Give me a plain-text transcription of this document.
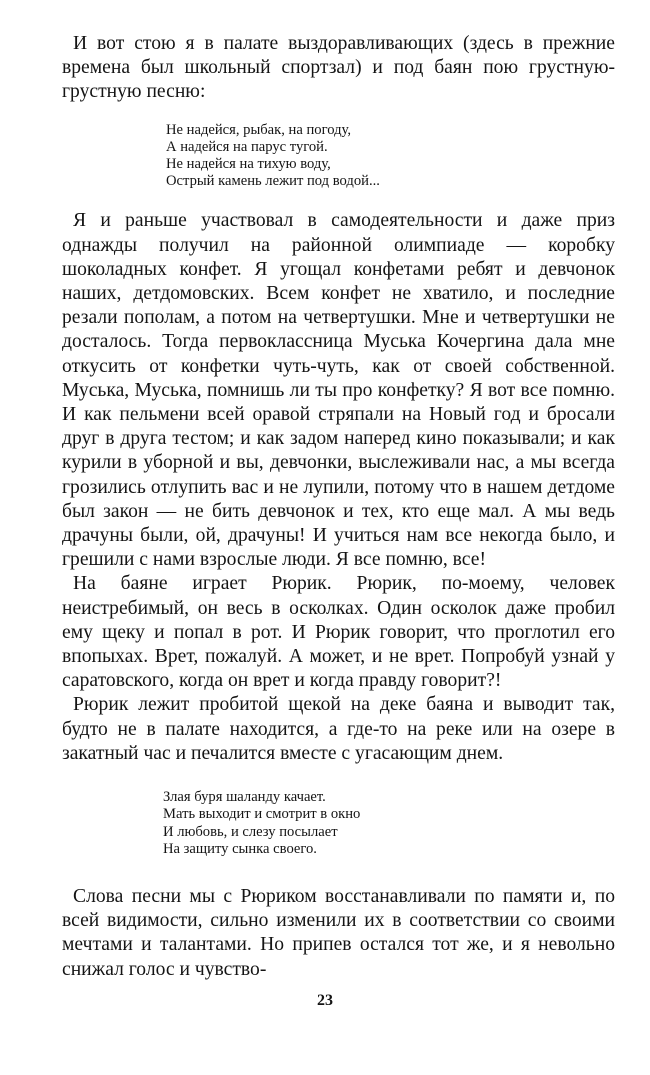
И вот стою я в палате выздоравливающих (здесь в прежние времена был школьный спортзал) и под баян пою грустную-грустную песню:

Не надейся, рыбак, на погоду,
А надейся на парус тугой.
Не надейся на тихую воду,
Острый камень лежит под водой...

Я и раньше участвовал в самодеятельности и даже приз однажды получил на районной олимпиаде — коробку шоколадных конфет. Я угощал конфетами ребят и девчонок наших, детдомовских. Всем конфет не хватило, и последние резали пополам, а потом на четвертушки. Мне и четвертушки не досталось. Тогда первоклассница Муська Кочергина дала мне откусить от конфетки чуть-чуть, как от своей собственной. Муська, Муська, помнишь ли ты про конфетку? Я вот все помню. И как пельмени всей оравой стряпали на Новый год и бросали друг в друга тестом; и как задом наперед кино показывали; и как курили в уборной и вы, девчонки, выслеживали нас, а мы всегда грозились отлупить вас и не лупили, потому что в нашем детдоме был закон — не бить девчонок и тех, кто еще мал. А мы ведь драчуны были, ой, драчуны! И учиться нам все некогда было, и грешили с нами взрослые люди. Я все помню, все!

На баяне играет Рюрик. Рюрик, по-моему, человек неистребимый, он весь в осколках. Один осколок даже пробил ему щеку и попал в рот. И Рюрик говорит, что проглотил его впопыхах. Врет, пожалуй. А может, и не врет. Попробуй узнай у саратовского, когда он врет и когда правду говорит?!

Рюрик лежит пробитой щекой на деке баяна и выводит так, будто не в палате находится, а где-то на реке или на озере в закатный час и печалится вместе с угасающим днем.

Злая буря шаланду качает.
Мать выходит и смотрит в окно
И любовь, и слезу посылает
На защиту сынка своего.

Слова песни мы с Рюриком восстанавливали по памяти и, по всей видимости, сильно изменили их в соответствии со своими мечтами и талантами. Но припев остался тот же, и я невольно снижал голос и чувство-

23
